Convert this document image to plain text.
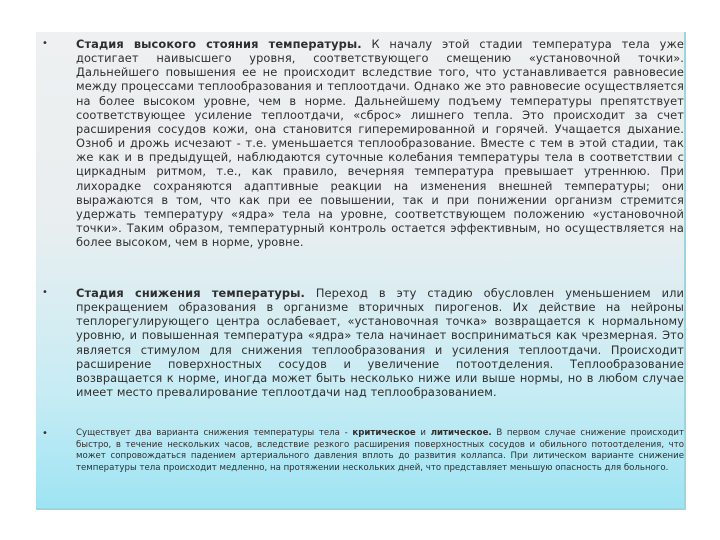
• Стадия высокого стояния температуры. К началу этой стадии температура тела уже достигает наивысшего уровня, соответствующего смещению «установочной точки». Дальнейшего повышения ее не происходит вследствие того, что устанавливается равновесие между процессами теплообразования и теплоотдачи. Однако же это равновесие осуществляется на более высоком уровне, чем в норме. Дальнейшему подъему температуры препятствует соответствующее усиление теплоотдачи, «сброс» лишнего тепла. Это происходит за счет расширения сосудов кожи, она становится гиперемированной и горячей. Учащается дыхание. Озноб и дрожь исчезают - т.е. уменьшается теплообразование. Вместе с тем в этой стадии, так же как и в предыдущей, наблюдаются суточные колебания температуры тела в соответствии с циркадным ритмом, т.е., как правило, вечерняя температура превышает утреннюю. При лихорадке сохраняются адаптивные реакции на изменения внешней температуры; они выражаются в том, что как при ее повышении, так и при понижении организм стремится удержать температуру «ядра» тела на уровне, соответствующем положению «установочной точки». Таким образом, температурный контроль остается эффективным, но осуществляется на более высоком, чем в норме, уровне.
• Стадия снижения температуры. Переход в эту стадию обусловлен уменьшением или прекращением образования в организме вторичных пирогенов. Их действие на нейроны теплорегулирующего центра ослабевает, «установочная точка» возвращается к нормальному уровню, и повышенная температура «ядра» тела начинает восприниматься как чрезмерная. Это является стимулом для снижения теплообразования и усиления теплоотдачи. Происходит расширение поверхностных сосудов и увеличение потоотделения. Теплообразование возвращается к норме, иногда может быть несколько ниже или выше нормы, но в любом случае имеет место превалирование теплоотдачи над теплообразованием.
•	Существует два варианта снижения температуры тела - критическое и литическое. В первом случае снижение происходит быстро, в течение нескольких часов, вследствие резкого расширения поверхностных сосудов и обильного потоотделения, что может сопровождаться падением артериального давления вплоть до развития коллапса. При литическом варианте снижение температуры тела происходит медленно, на протяжении нескольких дней, что представляет меньшую опасность для больного.
